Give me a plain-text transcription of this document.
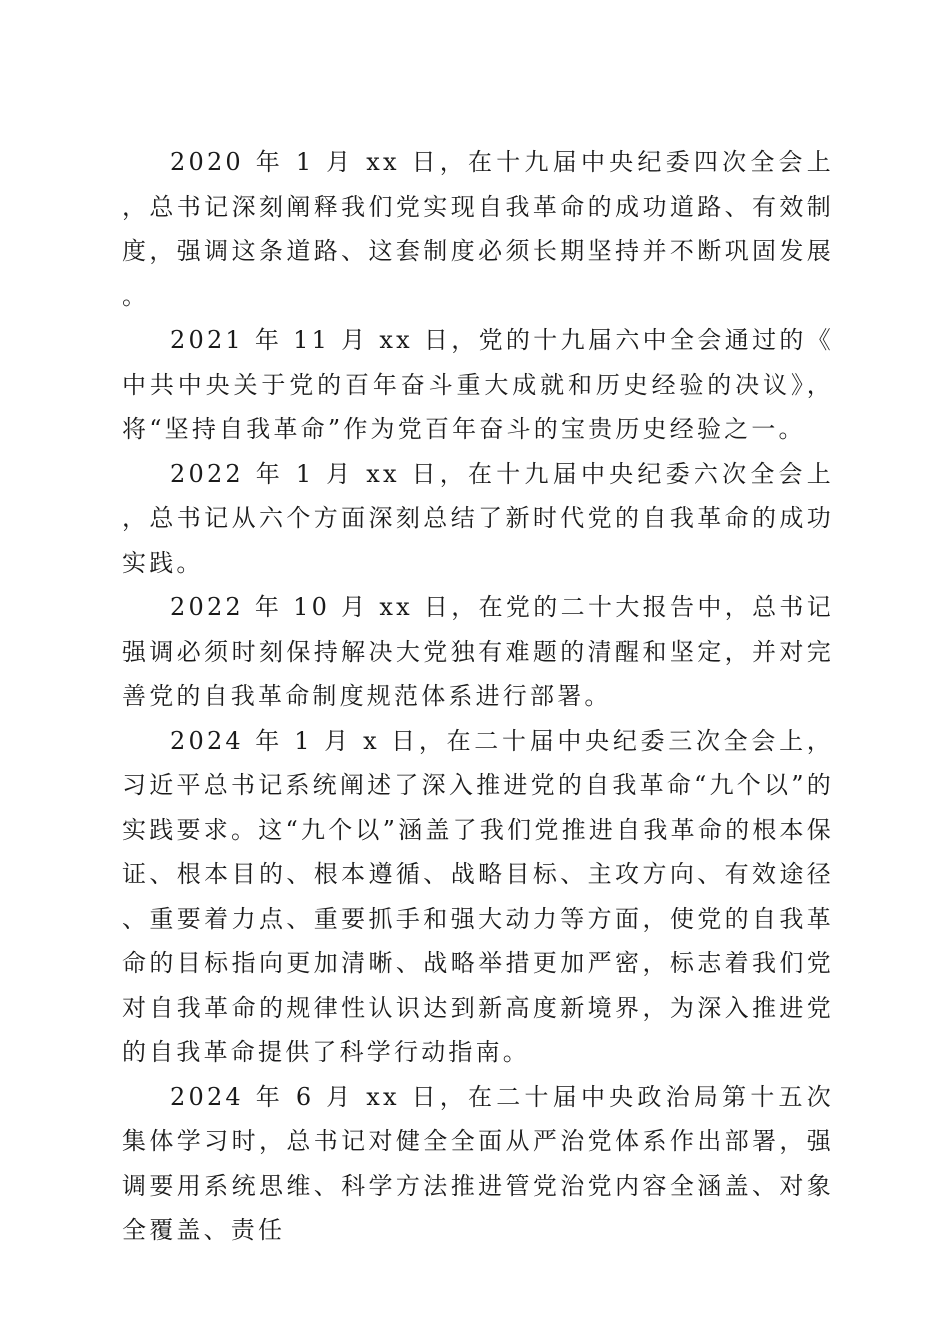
2020 年 1 月 xx 日，在十九届中央纪委四次全会上，总书记深刻阐释我们党实现自我革命的成功道路、有效制度，强调这条道路、这套制度必须长期坚持并不断巩固发展。

2021 年 11 月 xx 日，党的十九届六中全会通过的《中共中央关于党的百年奋斗重大成就和历史经验的决议》，将“坚持自我革命”作为党百年奋斗的宝贵历史经验之一。

2022 年 1 月 xx 日，在十九届中央纪委六次全会上，总书记从六个方面深刻总结了新时代党的自我革命的成功实践。

2022 年 10 月 xx 日，在党的二十大报告中，总书记强调必须时刻保持解决大党独有难题的清醒和坚定，并对完善党的自我革命制度规范体系进行部署。

2024 年 1 月 x 日，在二十届中央纪委三次全会上，习近平总书记系统阐述了深入推进党的自我革命“九个以”的实践要求。这“九个以”涵盖了我们党推进自我革命的根本保证、根本目的、根本遵循、战略目标、主攻方向、有效途径、重要着力点、重要抓手和强大动力等方面，使党的自我革命的目标指向更加清晰、战略举措更加严密，标志着我们党对自我革命的规律性认识达到新高度新境界，为深入推进党的自我革命提供了科学行动指南。

2024 年 6 月 xx 日，在二十届中央政治局第十五次集体学习时，总书记对健全全面从严治党体系作出部署，强调要用系统思维、科学方法推进管党治党内容全涵盖、对象全覆盖、责任
